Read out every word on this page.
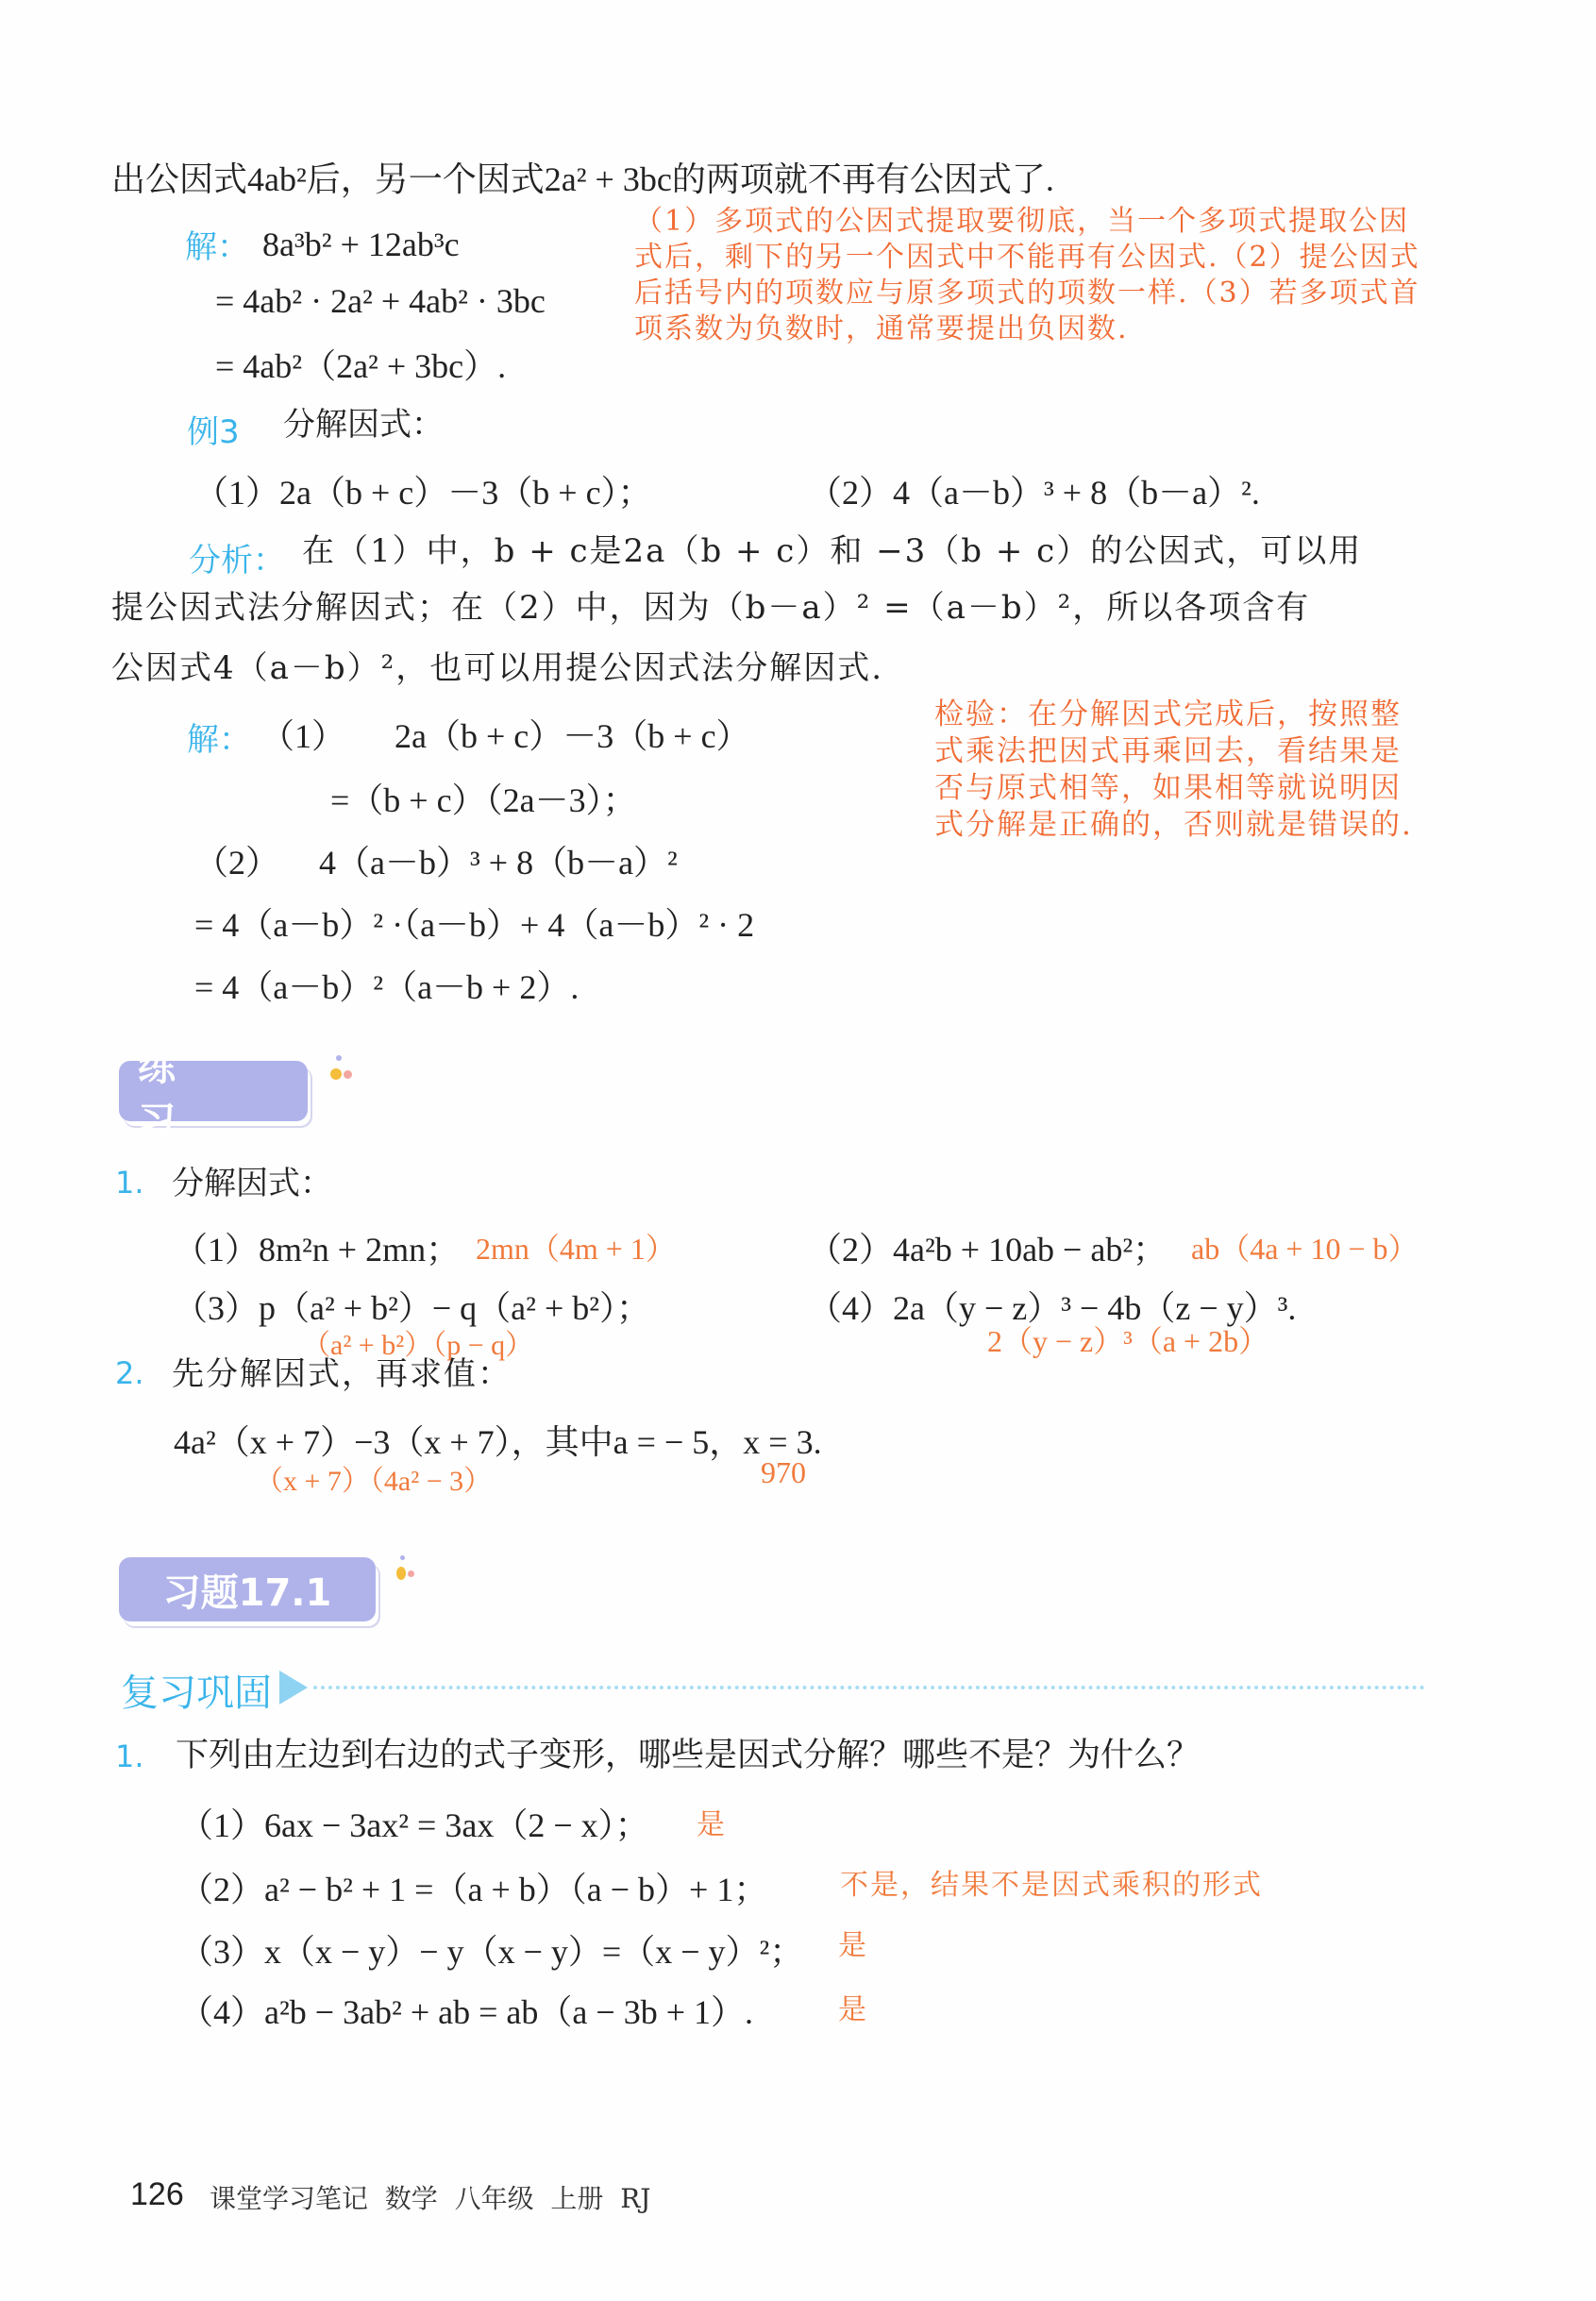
出公因式4ab²后，另一个因式2a² + 3bc的两项就不再有公因式了.
解： 8a³b² + 12ab³c
= 4ab² · 2a² + 4ab² · 3bc
= 4ab²（2a² + 3bc）.
（1）多项式的公因式提取要彻底，当一个多项式提取公因式后，剩下的另一个因式中不能再有公因式.（2）提公因式后括号内的项数应与原多项式的项数一样.（3）若多项式首项系数为负数时，通常要提出负因数.
例3 分解因式：
（1）2a（b + c）－3（b + c）；	（2）4（a－b）³ + 8（b－a）².
分析： 在（1）中，b + c是2a（b + c）和 −3（b + c）的公因式，可以用
提公因式法分解因式；在（2）中，因为（b－a）² =（a－b）²，所以各项含有
公因式4（a－b）²，也可以用提公因式法分解因式.
解： （1） 2a（b + c）－3（b + c）
=（b + c）（2a－3）；
（2） 4（a－b）³ + 8（b－a）²
= 4（a－b）² ·（a－b）+ 4（a－b）² · 2
= 4（a－b）²（a－b + 2）.
检验：在分解因式完成后，按照整式乘法把因式再乘回去，看结果是否与原式相等，如果相等就说明因式分解是正确的，否则就是错误的.
练 习
1. 分解因式：
（1）8m²n + 2mn； 2mn（4m + 1）	（2）4a²b + 10ab − ab²； ab（4a + 10 − b）
（3）p（a² + b²）− q（a² + b²）；
（a² + b²）（p − q）
（4）2a（y − z）³ − 4b（z − y）³.
2（y − z）³（a + 2b）
2. 先分解因式，再求值：
4a²（x + 7）−3（x + 7），其中a = − 5，x = 3.
（x + 7）（4a² − 3）	970
习题17.1
复习巩固
1. 下列由左边到右边的式子变形，哪些是因式分解？哪些不是？为什么？
（1）6ax − 3ax² = 3ax（2 − x）； 是
（2）a² − b² + 1 =（a + b）（a − b）+ 1；	不是，结果不是因式乘积的形式
（3）x（x − y）− y（x − y）=（x − y）²； 是
（4）a²b − 3ab² + ab = ab（a − 3b + 1）.	是
126 课堂学习笔记  数学  八年级  上册  RJ
